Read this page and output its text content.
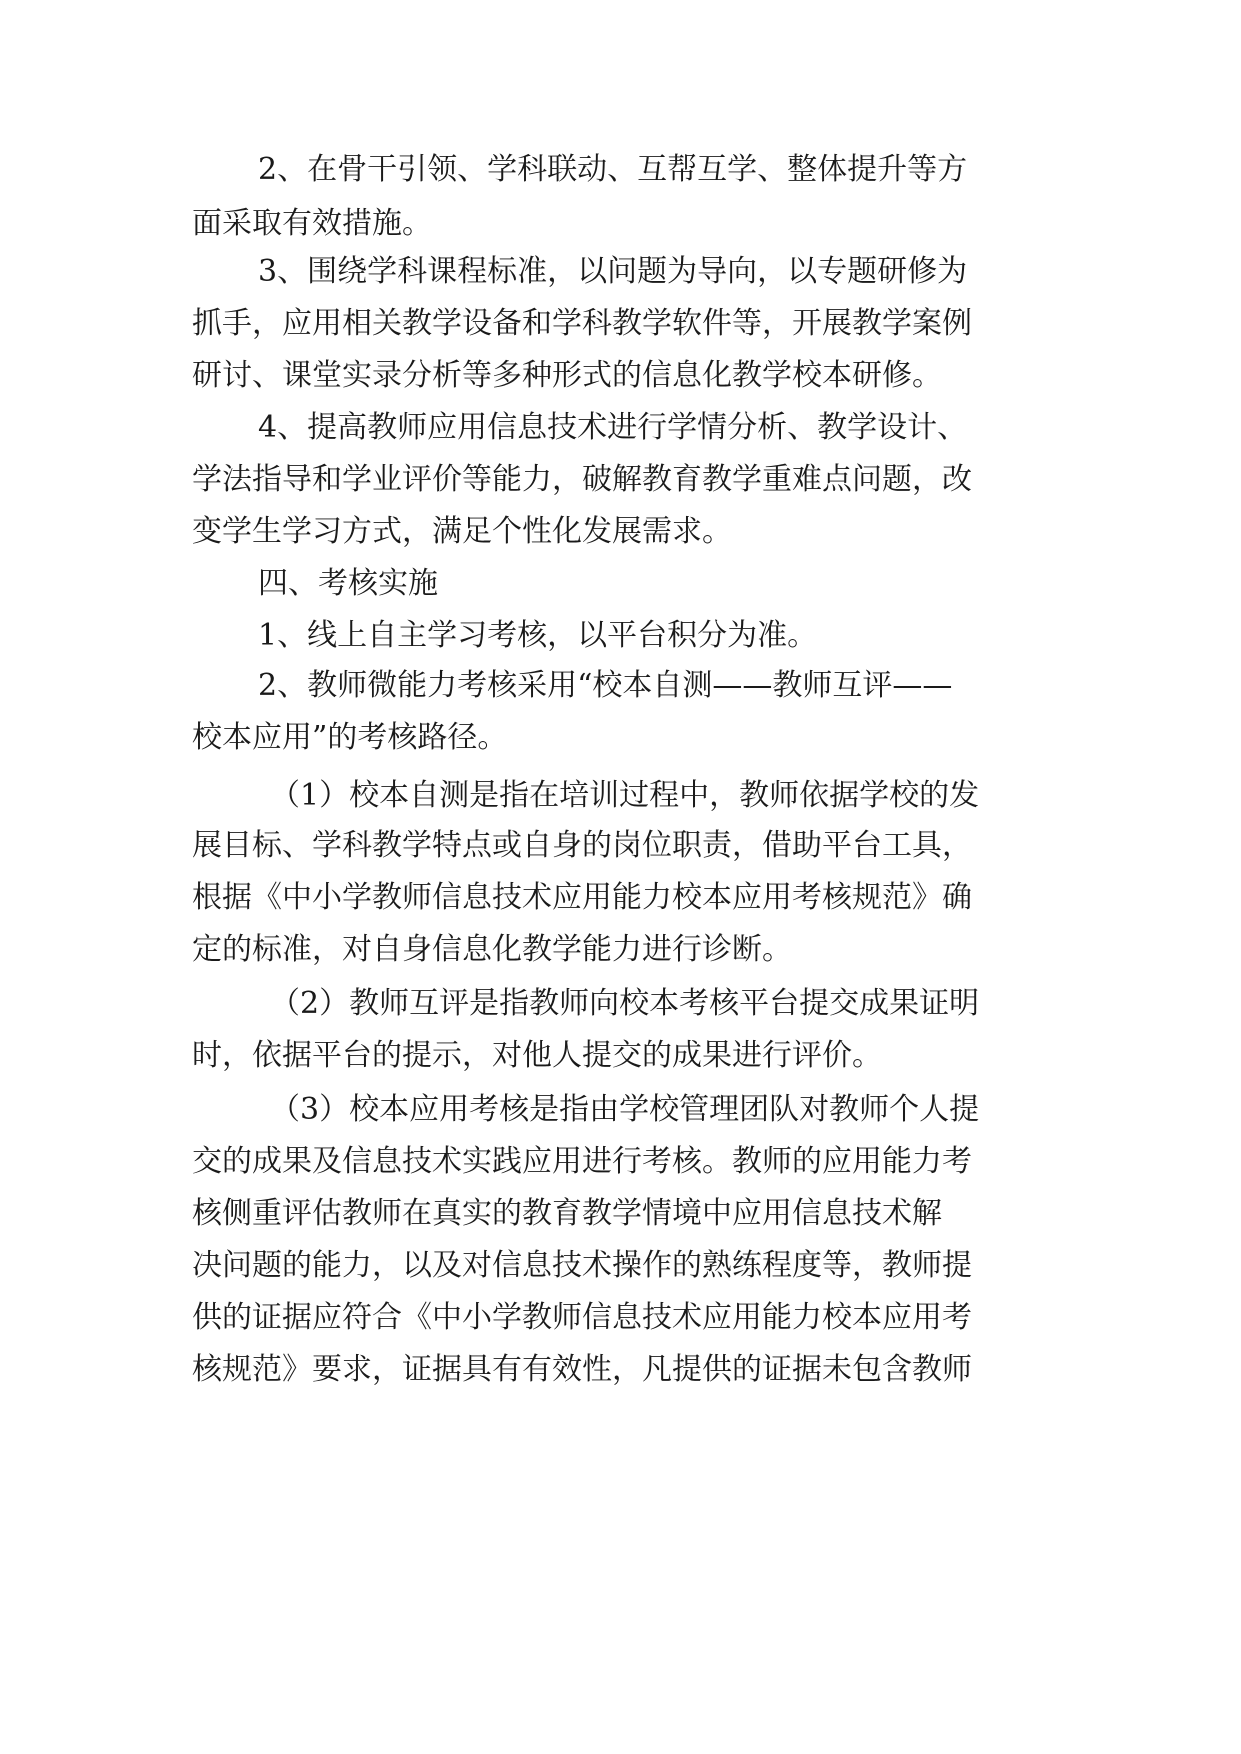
2、在骨干引领、学科联动、互帮互学、整体提升等方
面采取有效措施。
3、围绕学科课程标准，以问题为导向，以专题研修为
抓手，应用相关教学设备和学科教学软件等，开展教学案例
研讨、课堂实录分析等多种形式的信息化教学校本研修。
4、提高教师应用信息技术进行学情分析、教学设计、
学法指导和学业评价等能力，破解教育教学重难点问题，改
变学生学习方式，满足个性化发展需求。
四、考核实施
1、线上自主学习考核，以平台积分为准。
2、教师微能力考核采用“校本自测——教师互评——
校本应用”的考核路径。
（1）校本自测是指在培训过程中，教师依据学校的发
展目标、学科教学特点或自身的岗位职责，借助平台工具，
根据《中小学教师信息技术应用能力校本应用考核规范》确
定的标准，对自身信息化教学能力进行诊断。
（2）教师互评是指教师向校本考核平台提交成果证明
时，依据平台的提示，对他人提交的成果进行评价。
（3）校本应用考核是指由学校管理团队对教师个人提
交的成果及信息技术实践应用进行考核。教师的应用能力考
核侧重评估教师在真实的教育教学情境中应用信息技术解
决问题的能力，以及对信息技术操作的熟练程度等，教师提
供的证据应符合《中小学教师信息技术应用能力校本应用考
核规范》要求，证据具有有效性，凡提供的证据未包含教师
